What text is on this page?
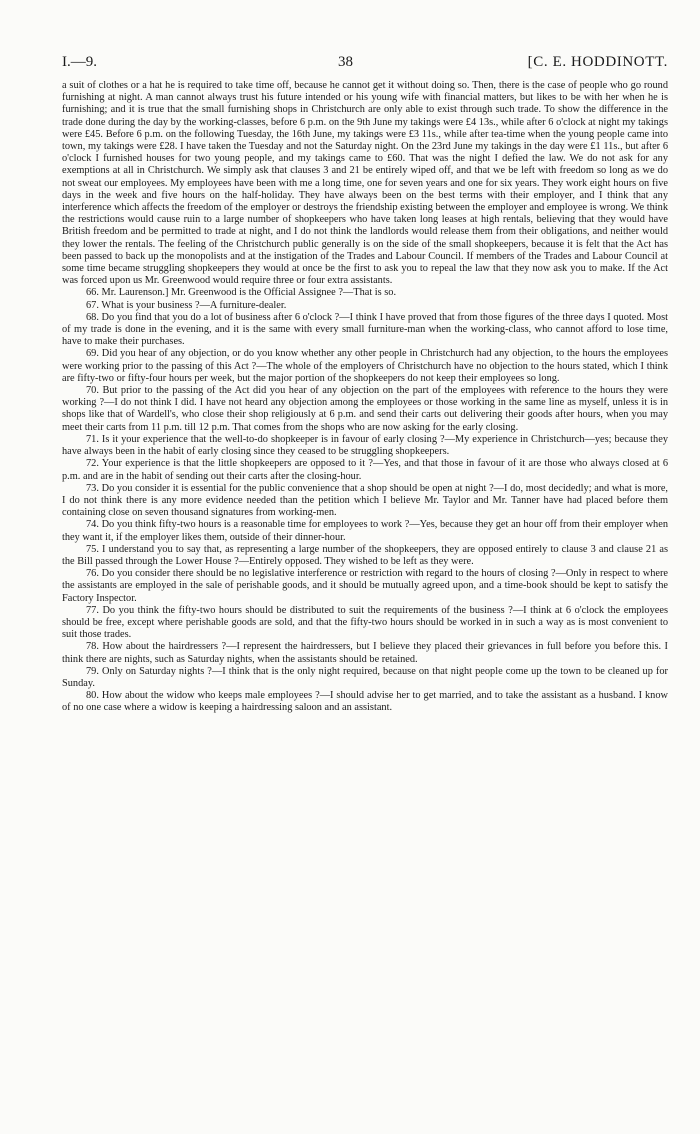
I.—9.	38	[C. E. HODDINOTT.

a suit of clothes or a hat he is required to take time off, because he cannot get it without doing so. Then, there is the case of people who go round furnishing at night. A man cannot always trust his future intended or his young wife with financial matters, but likes to be with her when he is furnishing; and it is true that the small furnishing shops in Christchurch are only able to exist through such trade. To show the difference in the trade done during the day by the working-classes, before 6 p.m. on the 9th June my takings were £4 13s., while after 6 o'clock at night my takings were £45. Before 6 p.m. on the following Tuesday, the 16th June, my takings were £3 11s., while after tea-time when the young people came into town, my takings were £28. I have taken the Tuesday and not the Saturday night. On the 23rd June my takings in the day were £1 11s., but after 6 o'clock I furnished houses for two young people, and my takings came to £60. That was the night I defied the law. We do not ask for any exemptions at all in Christchurch. We simply ask that clauses 3 and 21 be entirely wiped off, and that we be left with freedom so long as we do not sweat our employees. My employees have been with me a long time, one for seven years and one for six years. They work eight hours on five days in the week and five hours on the half-holiday. They have always been on the best terms with their employer, and I think that any interference which affects the freedom of the employer or destroys the friendship existing between the employer and employee is wrong. We think the restrictions would cause ruin to a large number of shopkeepers who have taken long leases at high rentals, believing that they would have British freedom and be permitted to trade at night, and I do not think the landlords would release them from their obligations, and neither would they lower the rentals. The feeling of the Christchurch public generally is on the side of the small shopkeepers, because it is felt that the Act has been passed to back up the monopolists and at the instigation of the Trades and Labour Council. If members of the Trades and Labour Council at some time became struggling shopkeepers they would at once be the first to ask you to repeal the law that they now ask you to make. If the Act was forced upon us Mr. Greenwood would require three or four extra assistants.

66. Mr. Laurenson.] Mr. Greenwood is the Official Assignee ?—That is so.

67. What is your business ?—A furniture-dealer.

68. Do you find that you do a lot of business after 6 o'clock ?—I think I have proved that from those figures of the three days I quoted. Most of my trade is done in the evening, and it is the same with every small furniture-man when the working-class, who cannot afford to lose time, have to make their purchases.

69. Did you hear of any objection, or do you know whether any other people in Christchurch had any objection, to the hours the employees were working prior to the passing of this Act ?—The whole of the employers of Christchurch have no objection to the hours stated, which I think are fifty-two or fifty-four hours per week, but the major portion of the shopkeepers do not keep their employees so long.

70. But prior to the passing of the Act did you hear of any objection on the part of the employees with reference to the hours they were working ?—I do not think I did. I have not heard any objection among the employees or those working in the same line as myself, unless it is in shops like that of Wardell's, who close their shop religiously at 6 p.m. and send their carts out delivering their goods after hours, when you may meet their carts from 11 p.m. till 12 p.m. That comes from the shops who are now asking for the early closing.

71. Is it your experience that the well-to-do shopkeeper is in favour of early closing ?—My experience in Christchurch—yes; because they have always been in the habit of early closing since they ceased to be struggling shopkeepers.

72. Your experience is that the little shopkeepers are opposed to it ?—Yes, and that those in favour of it are those who always closed at 6 p.m. and are in the habit of sending out their carts after the closing-hour.

73. Do you consider it is essential for the public convenience that a shop should be open at night ?—I do, most decidedly; and what is more, I do not think there is any more evidence needed than the petition which I believe Mr. Taylor and Mr. Tanner have had placed before them containing close on seven thousand signatures from working-men.

74. Do you think fifty-two hours is a reasonable time for employees to work ?—Yes, because they get an hour off from their employer when they want it, if the employer likes them, outside of their dinner-hour.

75. I understand you to say that, as representing a large number of the shopkeepers, they are opposed entirely to clause 3 and clause 21 as the Bill passed through the Lower House ?—Entirely opposed. They wished to be left as they were.

76. Do you consider there should be no legislative interference or restriction with regard to the hours of closing ?—Only in respect to where the assistants are employed in the sale of perishable goods, and it should be mutually agreed upon, and a time-book should be kept to satisfy the Factory Inspector.

77. Do you think the fifty-two hours should be distributed to suit the requirements of the business ?—I think at 6 o'clock the employees should be free, except where perishable goods are sold, and that the fifty-two hours should be worked in in such a way as is most convenient to suit those trades.

78. How about the hairdressers ?—I represent the hairdressers, but I believe they placed their grievances in full before you before this. I think there are nights, such as Saturday nights, when the assistants should be retained.

79. Only on Saturday nights ?—I think that is the only night required, because on that night people come up the town to be cleaned up for Sunday.

80. How about the widow who keeps male employees ?—I should advise her to get married, and to take the assistant as a husband. I know of no one case where a widow is keeping a hairdressing saloon and an assistant.
